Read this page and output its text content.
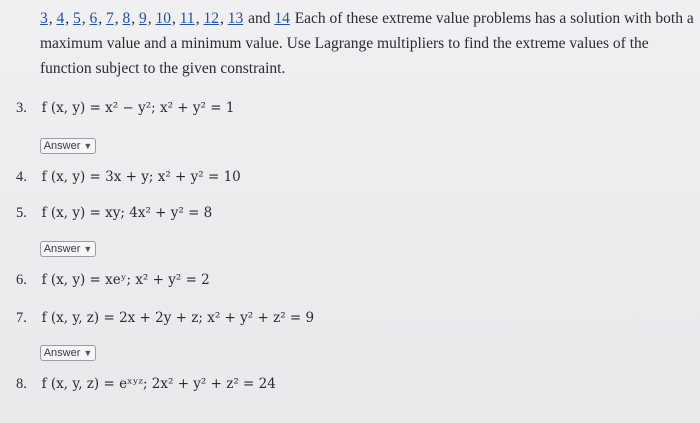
3, 4, 5, 6, 7, 8, 9, 10, 11, 12, 13 and 14 Each of these extreme value problems has a solution with both a maximum value and a minimum value. Use Lagrange multipliers to find the extreme values of the function subject to the given constraint.
3. f (x, y) = x² − y²; x² + y² = 1
Answer ▼
4. f (x, y) = 3x + y; x² + y² = 10
5. f (x, y) = xy; 4x² + y² = 8
Answer ▼
6. f (x, y) = xeʸ; x² + y² = 2
7. f (x, y, z) = 2x + 2y + z; x² + y² + z² = 9
Answer ▼
8. f (x, y, z) = eˣʸᶻ; 2x² + y² + z² = 24
